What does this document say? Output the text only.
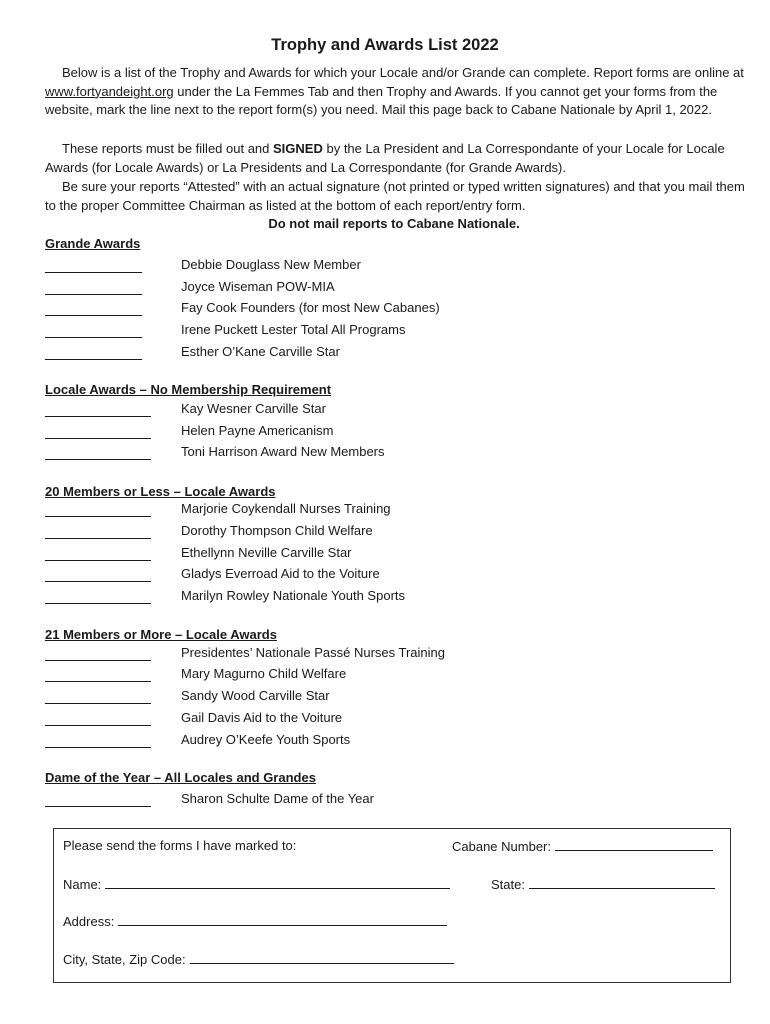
Trophy and Awards List 2022
Below is a list of the Trophy and Awards for which your Locale and/or Grande can complete. Report forms are online at www.fortyandeight.org under the La Femmes Tab and then Trophy and Awards. If you cannot get your forms from the website, mark the line next to the report form(s) you need. Mail this page back to Cabane Nationale by April 1, 2022.
These reports must be filled out and SIGNED by the La President and La Correspondante of your Locale for Locale Awards (for Locale Awards) or La Presidents and La Correspondante (for Grande Awards).
Be sure your reports “Attested” with an actual signature (not printed or typed written signatures) and that you mail them to the proper Committee Chairman as listed at the bottom of each report/entry form.
Do not mail reports to Cabane Nationale.
Grande Awards
Debbie Douglass New Member
Joyce Wiseman POW-MIA
Fay Cook Founders (for most New Cabanes)
Irene Puckett Lester Total All Programs
Esther O’Kane Carville Star
Locale Awards – No Membership Requirement
Kay Wesner Carville Star
Helen Payne Americanism
Toni Harrison Award New Members
20 Members or Less – Locale Awards
Marjorie Coykendall Nurses Training
Dorothy Thompson Child Welfare
Ethellynn Neville Carville Star
Gladys Everroad Aid to the Voiture
Marilyn Rowley Nationale Youth Sports
21 Members or More – Locale Awards
Presidentes’ Nationale Passé Nurses Training
Mary Magurno Child Welfare
Sandy Wood Carville Star
Gail Davis Aid to the Voiture
Audrey O’Keefe Youth Sports
Dame of the Year – All Locales and Grandes
Sharon Schulte Dame of the Year
Please send the forms I have marked to:	Cabane Number:
Name:	State:
Address:
City, State, Zip Code:
